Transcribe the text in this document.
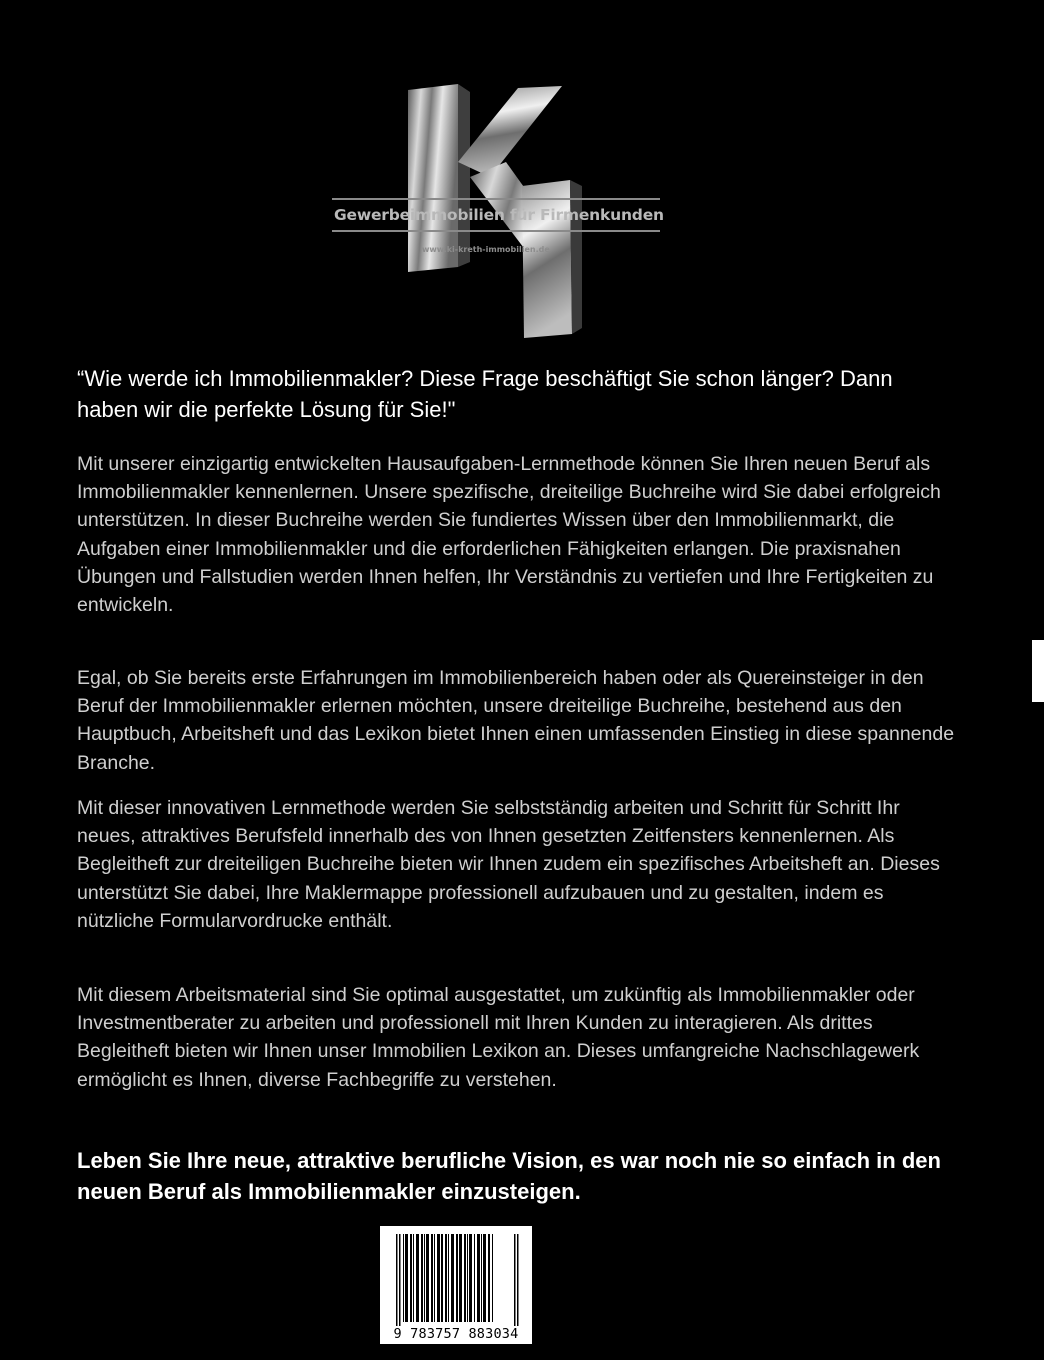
Gewerbeimmobilien für Firmenkunden
www.ki-kreth-immobilien.de

“Wie werde ich Immobilienmakler? Diese Frage beschäftigt Sie schon länger? Dann haben wir die perfekte Lösung für Sie!"

Mit unserer einzigartig entwickelten Hausaufgaben-Lernmethode können Sie Ihren neuen Beruf als Immobilienmakler kennenlernen. Unsere spezifische, dreiteilige Buchreihe wird Sie dabei erfolgreich unterstützen. In dieser Buchreihe werden Sie fundiertes Wissen über den Immobilienmarkt, die Aufgaben einer Immobilienmakler und die erforderlichen Fähigkeiten erlangen. Die praxisnahen Übungen und Fallstudien werden Ihnen helfen, Ihr Verständnis zu vertiefen und Ihre Fertigkeiten zu entwickeln.

Egal, ob Sie bereits erste Erfahrungen im Immobilienbereich haben oder als Quereinsteiger in den Beruf der Immobilienmakler erlernen möchten, unsere dreiteilige Buchreihe, bestehend aus den Hauptbuch, Arbeitsheft und das Lexikon bietet Ihnen einen umfassenden Einstieg in diese spannende Branche.

Mit dieser innovativen Lernmethode werden Sie selbstständig arbeiten und Schritt für Schritt Ihr neues, attraktives Berufsfeld innerhalb des von Ihnen gesetzten Zeitfensters kennenlernen. Als Begleitheft zur dreiteiligen Buchreihe bieten wir Ihnen zudem ein spezifisches Arbeitsheft an. Dieses unterstützt Sie dabei, Ihre Maklermappe professionell aufzubauen und zu gestalten, indem es nützliche Formularvordrucke enthält.

Mit diesem Arbeitsmaterial sind Sie optimal ausgestattet, um zukünftig als Immobilienmakler oder Investmentberater zu arbeiten und professionell mit Ihren Kunden zu interagieren. Als drittes Begleitheft bieten wir Ihnen unser Immobilien Lexikon an. Dieses umfangreiche Nachschlagewerk ermöglicht es Ihnen, diverse Fachbegriffe zu verstehen.

Leben Sie Ihre neue, attraktive berufliche Vision, es war noch nie so einfach in den neuen Beruf als Immobilienmakler einzusteigen.

9 783757 883034
